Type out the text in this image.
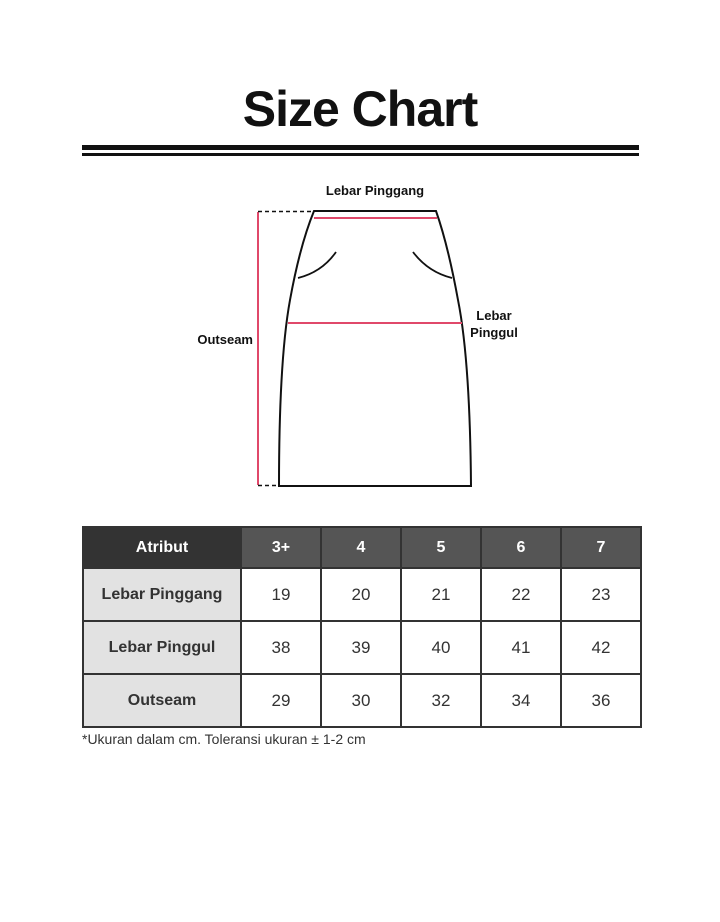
Size Chart
Lebar Pinggang
Lebar
Pinggul
Outseam
Atribut	3+	4	5	6	7
Lebar Pinggang	19	20	21	22	23
Lebar Pinggul	38	39	40	41	42
Outseam	29	30	32	34	36

*Ukuran dalam cm. Toleransi ukuran ± 1-2 cm
